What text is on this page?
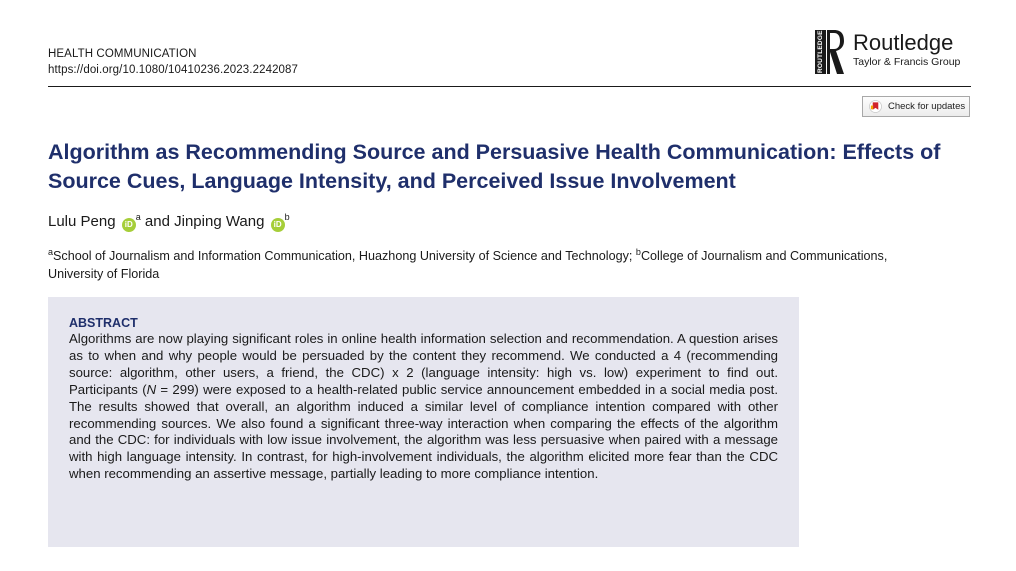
HEALTH COMMUNICATION
https://doi.org/10.1080/10410236.2023.2242087	ROUTLEDGE Routledge
Taylor & Francis Group
Check for updates
Algorithm as Recommending Source and Persuasive Health Communication: Effects of Source Cues, Language Intensity, and Perceived Issue Involvement
Lulu Peng $iD^a$ and Jinping Wang $iD^b$
$^a$School of Journalism and Information Communication, Huazhong University of Science and Technology; $^b$College of Journalism and Communications, University of Florida
ABSTRACT
Algorithms are now playing significant roles in online health information selection and recommendation. A question arises as to when and why people would be persuaded by the content they recommend. We conducted a 4 (recommending source: algorithm, other users, a friend, the CDC) x 2 (language intensity: high vs. low) experiment to find out. Participants (N = 299) were exposed to a health-related public service announcement embedded in a social media post. The results showed that overall, an algorithm induced a similar level of compliance intention compared with other recommending sources. We also found a significant three-way interaction when comparing the effects of the algorithm and the CDC: for individuals with low issue involvement, the algorithm was less persuasive when paired with a message with high language intensity. In contrast, for high-involvement individuals, the algorithm elicited more fear than the CDC when recommending an assertive message, partially leading to more compliance intention.
